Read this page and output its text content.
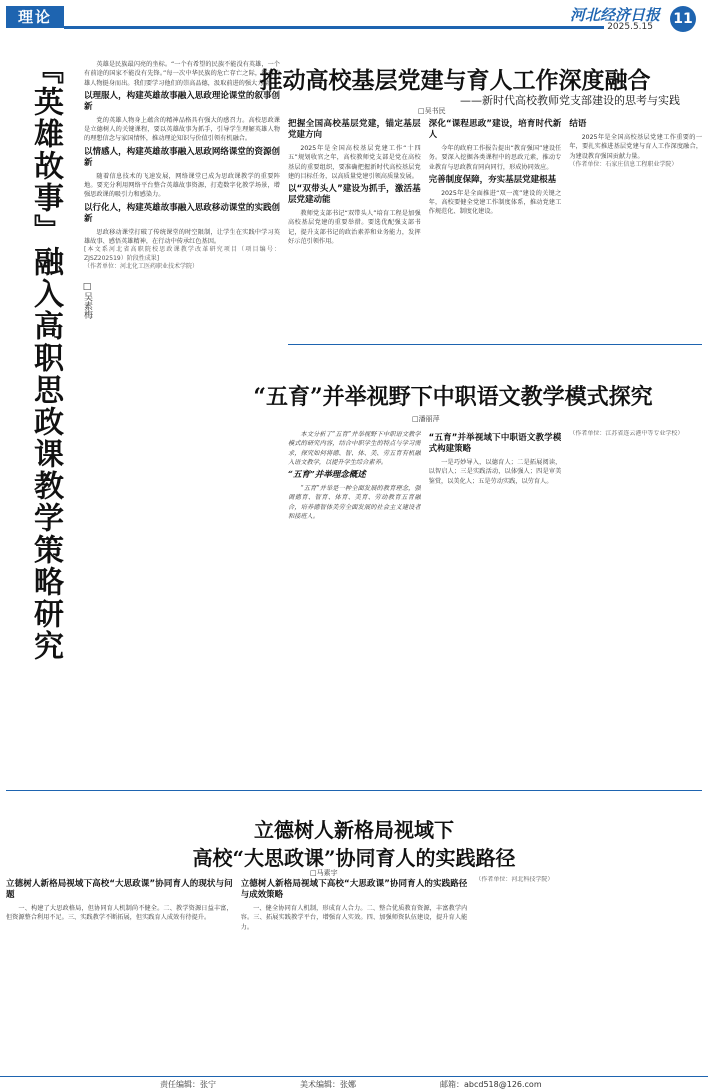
理论	河北经济日报
2025.5.15 11
『英雄故事』融入高职思政课教学策略研究 □吴素梅

英雄是民族最闪亮的坐标。“一个有希望的民族不能没有英雄，一个有前途的国家不能没有先锋。”每一次中华民族的危亡存亡之际，都有英雄人物挺身而出。我们要学习他们的崇高品德，汲取前进的强大力量。

以理服人，构建英雄故事融入思政理论课堂的叙事创新

党的英雄人物身上蕴含的精神品格具有强大的感召力。高校思政课是立德树人的关键课程，要以英雄故事为抓手，引导学生理解英雄人物的理想信念与家国情怀，推动理论知识与价值引领有机融合。

以情感人，构建英雄故事融入思政网络课堂的资源创新

随着信息技术的飞速发展，网络课堂已成为思政课教学的重要阵地。要充分利用网络平台整合英雄故事资源，打造数字化教学场景，增强思政课的吸引力和感染力。

以行化人，构建英雄故事融入思政移动课堂的实践创新

思政移动课堂打破了传统课堂的时空限制，让学生在实践中学习英雄故事、感悟英雄精神，在行动中传承红色基因。

[本文系河北省高职院校思政课教学改革研究项目（项目编号：ZJSZ202519）阶段性成果]
（作者单位：河北化工医药职业技术学院）
推动高校基层党建与育人工作深度融合
——新时代高校教师党支部建设的思考与实践
□吴书民
把握全国高校基层党建，锚定基层党建方向

2025年是全国高校基层党建工作“十四五”规划收官之年，高校教师党支部是党在高校基层的重要组织，要准确把握新时代高校基层党建的目标任务，以高质量党建引领高质量发展。

以“双带头人”建设为抓手，激活基层党建动能

教师党支部书记“双带头人”培育工程是加强高校基层党建的重要举措。要选优配强支部书记，提升支部书记的政治素养和业务能力，发挥好示范引领作用。

深化“课程思政”建设，培育时代新人

今年的政府工作报告提出“教育强国”建设任务。要深入挖掘各类课程中的思政元素，推动专业教育与思政教育同向同行，形成协同效应。

完善制度保障，夯实基层党建根基

2025年是全面推进“双一流”建设的关键之年，高校要健全党建工作制度体系，推动党建工作规范化、制度化建设。

结语

2025年是全国高校基层党建工作重要的一年，要扎实推进基层党建与育人工作深度融合，为建设教育强国贡献力量。

（作者单位：石家庄信息工程职业学院）
“五育”并举视野下中职语文教学模式探究
□潘丽萍

本文分析了“五育”并举视野下中职语文教学模式的研究内容，结合中职学生的特点与学习需求，探究如何将德、智、体、美、劳五育有机融入语文教学，以提升学生综合素养。

“五育”并举理念概述

“五育”并举是一种全面发展的教育理念，强调德育、智育、体育、美育、劳动教育五育融合，培养德智体美劳全面发展的社会主义建设者和接班人。

“五育”并举视域下中职语文教学模式构建策略

一是巧妙导入，以德育人；二是拓展阅读，以智启人；三是实践活动，以体强人；四是审美鉴赏，以美化人；五是劳动实践，以劳育人。

（作者单位：江苏省连云港中等专业学校）
立德树人新格局视域下
高校“大思政课”协同育人的实践路径
□马素宇
立德树人新格局视域下高校“大思政课”协同育人的现状与问题

一、构建了大思政格局，但协同育人机制尚不健全。二、教学资源日益丰富，但资源整合利用不足。三、实践教学不断拓展，但实践育人成效有待提升。

立德树人新格局视域下高校“大思政课”协同育人的实践路径与成效策略

一、健全协同育人机制，形成育人合力。二、整合优质教育资源，丰富教学内容。三、拓展实践教学平台，增强育人实效。四、加强师资队伍建设，提升育人能力。

（作者单位：河北科技学院）
责任编辑：张宁	美术编辑：张娜	邮箱：abcd518@126.com
